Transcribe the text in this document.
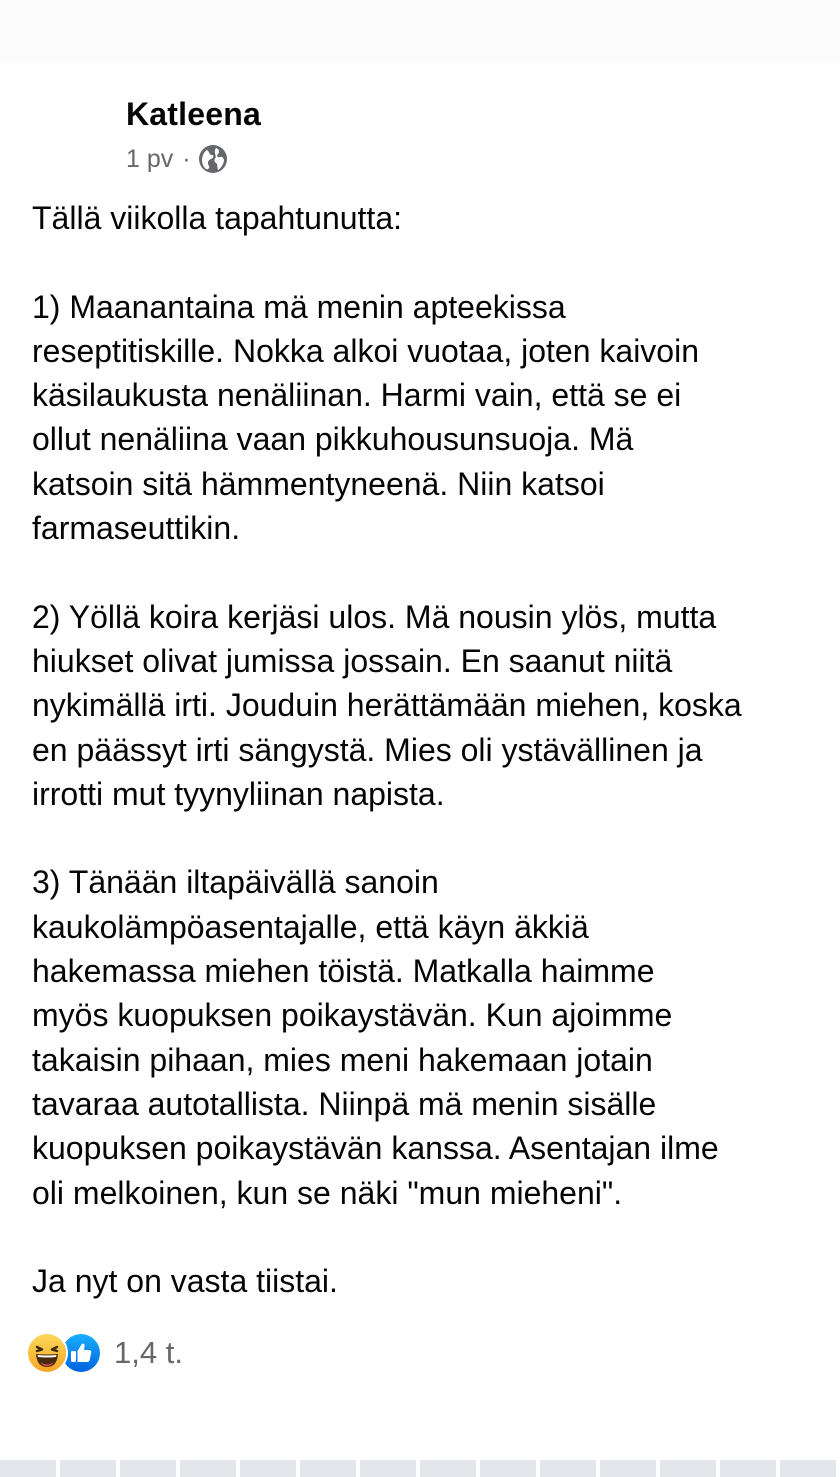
Katleena
1 pv ·

Tällä viikolla tapahtunutta:

1) Maanantaina mä menin apteekissa
reseptitiskille. Nokka alkoi vuotaa, joten kaivoin
käsilaukusta nenäliinan. Harmi vain, että se ei
ollut nenäliina vaan pikkuhousunsuoja. Mä
katsoin sitä hämmentyneenä. Niin katsoi
farmaseuttikin.

2) Yöllä koira kerjäsi ulos. Mä nousin ylös, mutta
hiukset olivat jumissa jossain. En saanut niitä
nykimällä irti. Jouduin herättämään miehen, koska
en päässyt irti sängystä. Mies oli ystävällinen ja
irrotti mut tyynyliinan napista.

3) Tänään iltapäivällä sanoin
kaukolämpöasentajalle, että käyn äkkiä
hakemassa miehen töistä. Matkalla haimme
myös kuopuksen poikaystävän. Kun ajoimme
takaisin pihaan, mies meni hakemaan jotain
tavaraa autotallista. Niinpä mä menin sisälle
kuopuksen poikaystävän kanssa. Asentajan ilme
oli melkoinen, kun se näki "mun mieheni".

Ja nyt on vasta tiistai.

1,4 t.
